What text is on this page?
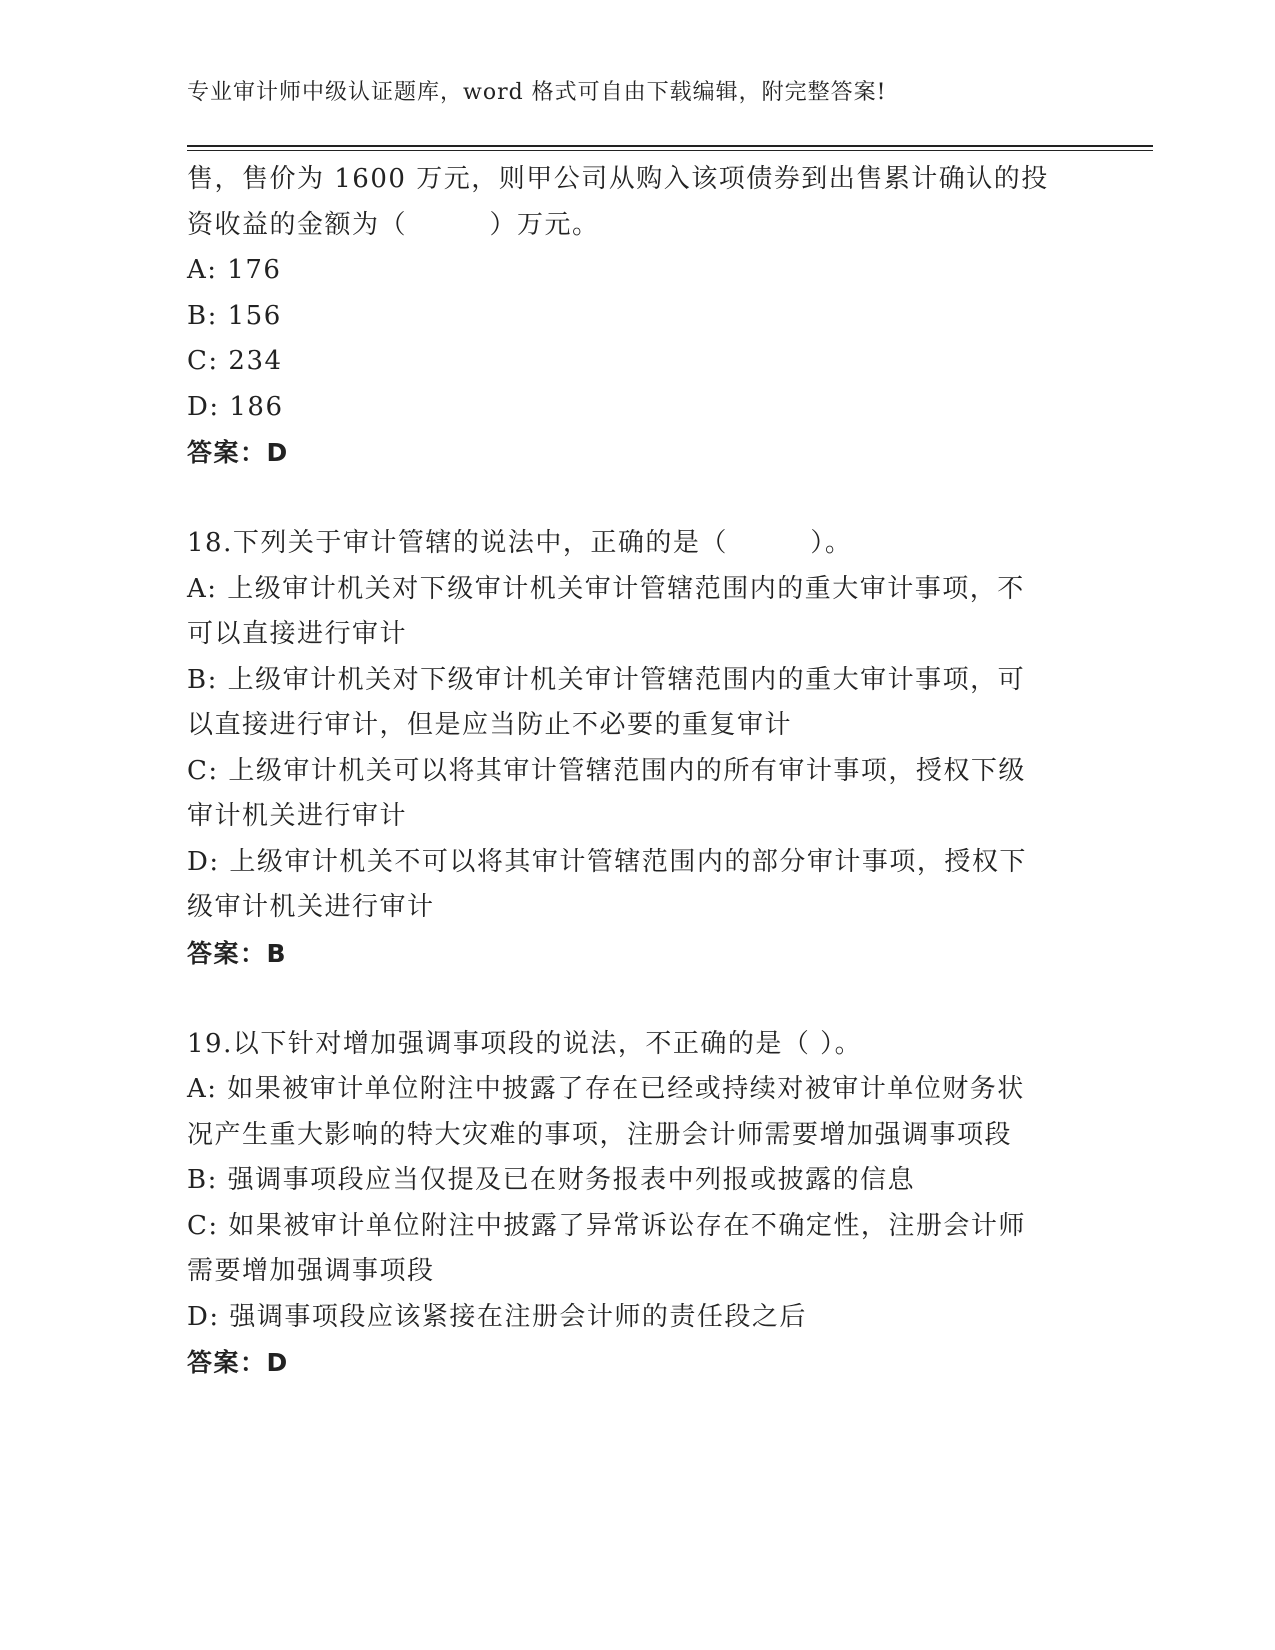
专业审计师中级认证题库，word 格式可自由下载编辑，附完整答案!

售，售价为 1600 万元，则甲公司从购入该项债券到出售累计确认的投

资收益的金额为（　　　）万元。

A: 176

B: 156

C: 234

D: 186

答案：D

18.下列关于审计管辖的说法中，正确的是（　　　）。

A: 上级审计机关对下级审计机关审计管辖范围内的重大审计事项，不

可以直接进行审计

B: 上级审计机关对下级审计机关审计管辖范围内的重大审计事项，可

以直接进行审计，但是应当防止不必要的重复审计

C: 上级审计机关可以将其审计管辖范围内的所有审计事项，授权下级

审计机关进行审计

D: 上级审计机关不可以将其审计管辖范围内的部分审计事项，授权下

级审计机关进行审计

答案：B

19.以下针对增加强调事项段的说法，不正确的是（ ）。

A: 如果被审计单位附注中披露了存在已经或持续对被审计单位财务状

况产生重大影响的特大灾难的事项，注册会计师需要增加强调事项段

B: 强调事项段应当仅提及已在财务报表中列报或披露的信息

C: 如果被审计单位附注中披露了异常诉讼存在不确定性，注册会计师

需要增加强调事项段

D: 强调事项段应该紧接在注册会计师的责任段之后

答案：D
